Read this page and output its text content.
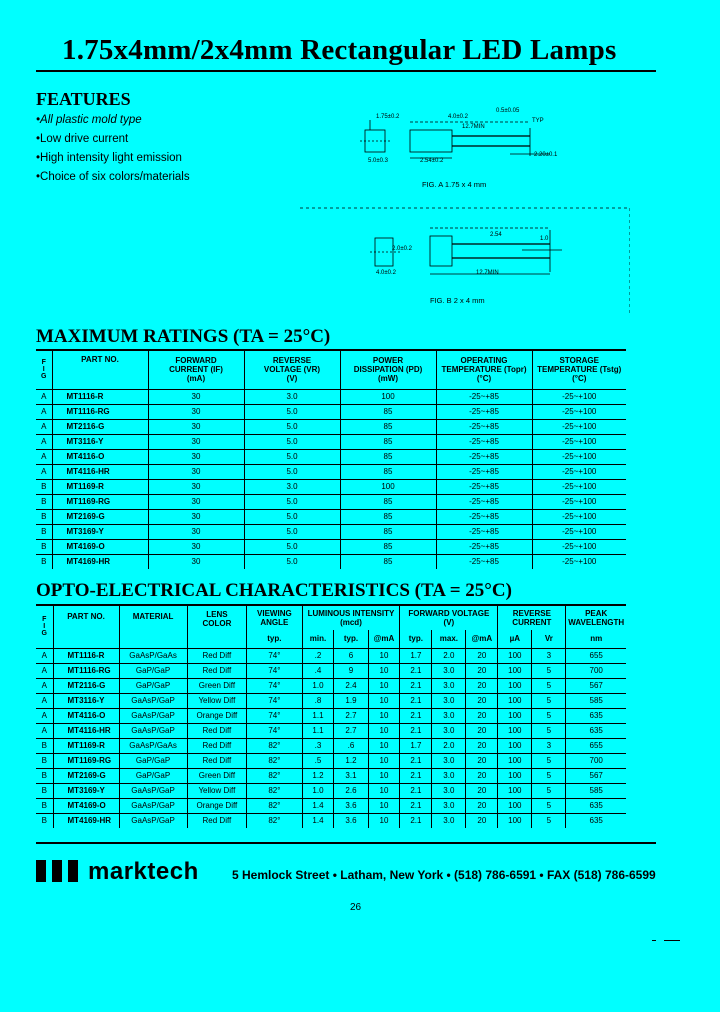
1.75x4mm/2x4mm Rectangular LED Lamps
FEATURES
•All plastic mold type
•Low drive current
•High intensity light emission
•Choice of six colors/materials
1.75±0.2	4.0±0.2
12.7MIN
0.5±0.05
TYP
5.0±0.3	2.54±0.2
2.20±0.1
FIG. A 1.75 x 4 mm
2.0±0.2
2.54
1.0
4.0±0.2	12.7MIN
FIG. B 2 x 4 mm
MAXIMUM RATINGS (TA = 25°C)
F
I
G	PART NO.	FORWARD
CURRENT (IF)
(mA)	REVERSE
VOLTAGE (VR)
(V)	POWER
DISSIPATION (PD)
(mW)	OPERATING
TEMPERATURE (Topr)
(°C)	STORAGE
TEMPERATURE (Tstg)
(°C)
A	MT1116-R	30	3.0	100	-25~+85	-25~+100
A	MT1116-RG	30	5.0	85	-25~+85	-25~+100
A	MT2116-G	30	5.0	85	-25~+85	-25~+100
A	MT3116-Y	30	5.0	85	-25~+85	-25~+100
A	MT4116-O	30	5.0	85	-25~+85	-25~+100
A	MT4116-HR	30	5.0	85	-25~+85	-25~+100
B	MT1169-R	30	3.0	100	-25~+85	-25~+100
B	MT1169-RG	30	5.0	85	-25~+85	-25~+100
B	MT2169-G	30	5.0	85	-25~+85	-25~+100
B	MT3169-Y	30	5.0	85	-25~+85	-25~+100
B	MT4169-O	30	5.0	85	-25~+85	-25~+100
B	MT4169-HR	30	5.0	85	-25~+85	-25~+100
OPTO-ELECTRICAL CHARACTERISTICS (TA = 25°C)
F
I
G	PART NO.	MATERIAL	LENS
COLOR	VIEWING
ANGLE	LUMINOUS INTENSITY
(mcd)			FORWARD VOLTAGE
(V)			REVERSE
CURRENT		PEAK
WAVELENGTH
				typ.	min.	typ.	@mA	typ.	max.	@mA	µA	Vr	nm
A	MT1116-R	GaAsP/GaAs	Red Diff	74°	.2	6	10	1.7	2.0	20	100	3	655
A	MT1116-RG	GaP/GaP	Red Diff	74°	.4	9	10	2.1	3.0	20	100	5	700
A	MT2116-G	GaP/GaP	Green Diff	74°	1.0	2.4	10	2.1	3.0	20	100	5	567
A	MT3116-Y	GaAsP/GaP	Yellow Diff	74°	.8	1.9	10	2.1	3.0	20	100	5	585
A	MT4116-O	GaAsP/GaP	Orange Diff	74°	1.1	2.7	10	2.1	3.0	20	100	5	635
A	MT4116-HR	GaAsP/GaP	Red Diff	74°	1.1	2.7	10	2.1	3.0	20	100	5	635
B	MT1169-R	GaAsP/GaAs	Red Diff	82°	.3	.6	10	1.7	2.0	20	100	3	655
B	MT1169-RG	GaP/GaP	Red Diff	82°	.5	1.2	10	2.1	3.0	20	100	5	700
B	MT2169-G	GaP/GaP	Green Diff	82°	1.2	3.1	10	2.1	3.0	20	100	5	567
B	MT3169-Y	GaAsP/GaP	Yellow Diff	82°	1.0	2.6	10	2.1	3.0	20	100	5	585
B	MT4169-O	GaAsP/GaP	Orange Diff	82°	1.4	3.6	10	2.1	3.0	20	100	5	635
B	MT4169-HR	GaAsP/GaP	Red Diff	82°	1.4	3.6	10	2.1	3.0	20	100	5	635
marktech	5 Hemlock Street • Latham, New York • (518) 786-6591 • FAX (518) 786-6599
26
